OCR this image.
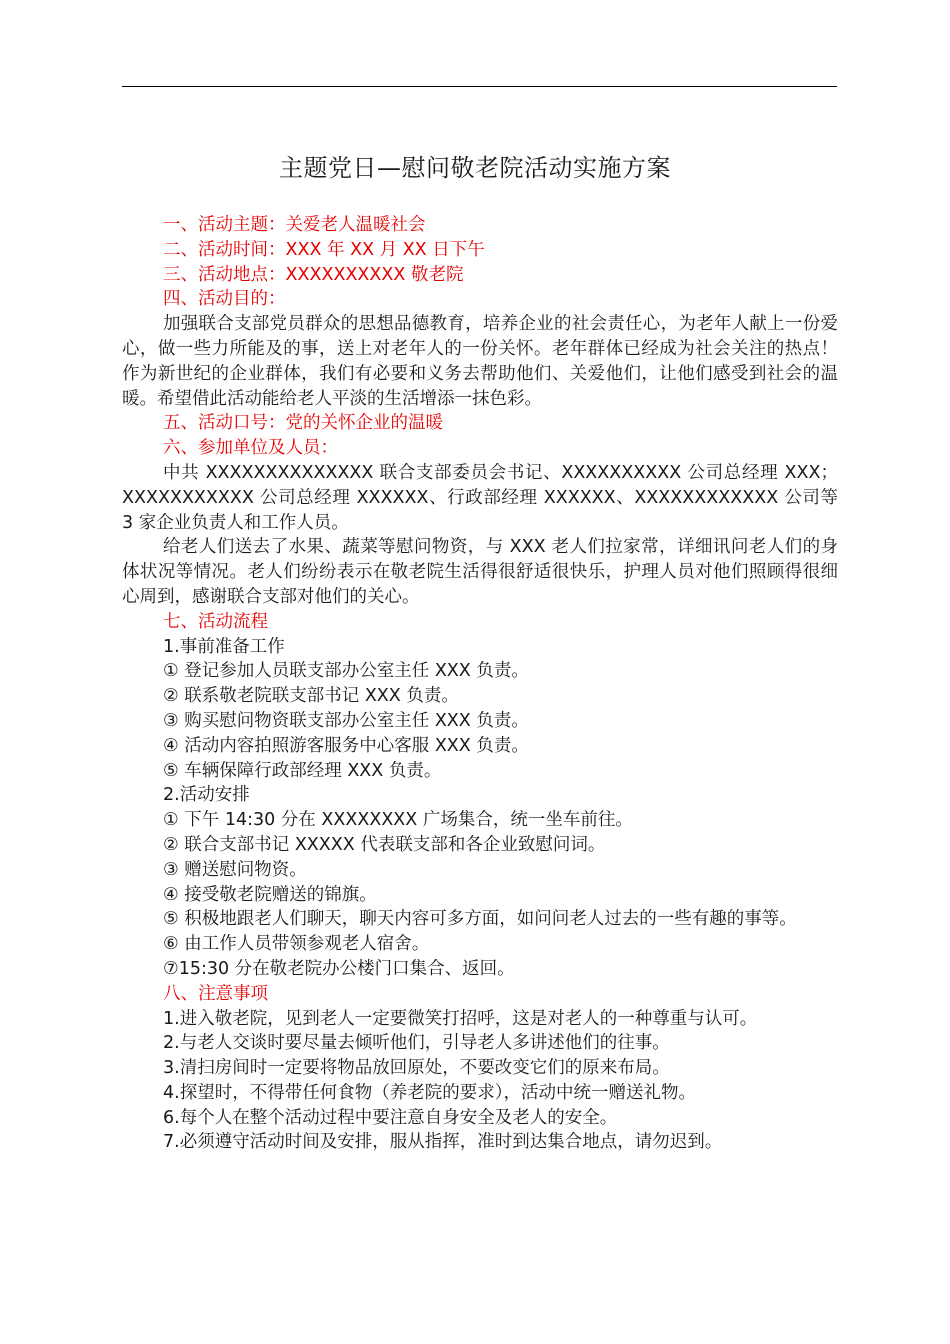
主题党日—慰问敬老院活动实施方案
一、活动主题：关爱老人温暖社会
二、活动时间：XXX 年 XX 月 XX 日下午
三、活动地点：XXXXXXXXXX 敬老院
四、活动目的：

加强联合支部党员群众的思想品德教育，培养企业的社会责任心，为老年人献上一份爱心，做一些力所能及的事，送上对老年人的一份关怀。老年群体已经成为社会关注的热点！作为新世纪的企业群体，我们有必要和义务去帮助他们、关爱他们，让他们感受到社会的温暖。希望借此活动能给老人平淡的生活增添一抹色彩。

五、活动口号：党的关怀企业的温暖
六、参加单位及人员：

中共 XXXXXXXXXXXXXX 联合支部委员会书记、XXXXXXXXXX 公司总经理 XXX；XXXXXXXXXXX 公司总经理 XXXXXX、行政部经理 XXXXXX、XXXXXXXXXXXX 公司等 3 家企业负责人和工作人员。

给老人们送去了水果、蔬菜等慰问物资，与 XXX 老人们拉家常，详细讯问老人们的身体状况等情况。老人们纷纷表示在敬老院生活得很舒适很快乐，护理人员对他们照顾得很细心周到，感谢联合支部对他们的关心。

七、活动流程
1.事前准备工作
① 登记参加人员联支部办公室主任 XXX 负责。
② 联系敬老院联支部书记 XXX 负责。
③ 购买慰问物资联支部办公室主任 XXX 负责。
④ 活动内容拍照游客服务中心客服 XXX 负责。
⑤ 车辆保障行政部经理 XXX 负责。
2.活动安排
① 下午 14:30 分在 XXXXXXXX 广场集合，统一坐车前往。
② 联合支部书记 XXXXX 代表联支部和各企业致慰问词。
③ 赠送慰问物资。
④ 接受敬老院赠送的锦旗。

⑤ 积极地跟老人们聊天，聊天内容可多方面，如问问老人过去的一些有趣的事等。

⑥ 由工作人员带领参观老人宿舍。
⑦15:30 分在敬老院办公楼门口集合、返回。
八、注意事项
1.进入敬老院，见到老人一定要微笑打招呼，这是对老人的一种尊重与认可。
2.与老人交谈时要尽量去倾听他们，引导老人多讲述他们的往事。
3.清扫房间时一定要将物品放回原处，不要改变它们的原来布局。
4.探望时，不得带任何食物（养老院的要求），活动中统一赠送礼物。
6.每个人在整个活动过程中要注意自身安全及老人的安全。
7.必须遵守活动时间及安排，服从指挥，准时到达集合地点，请勿迟到。
